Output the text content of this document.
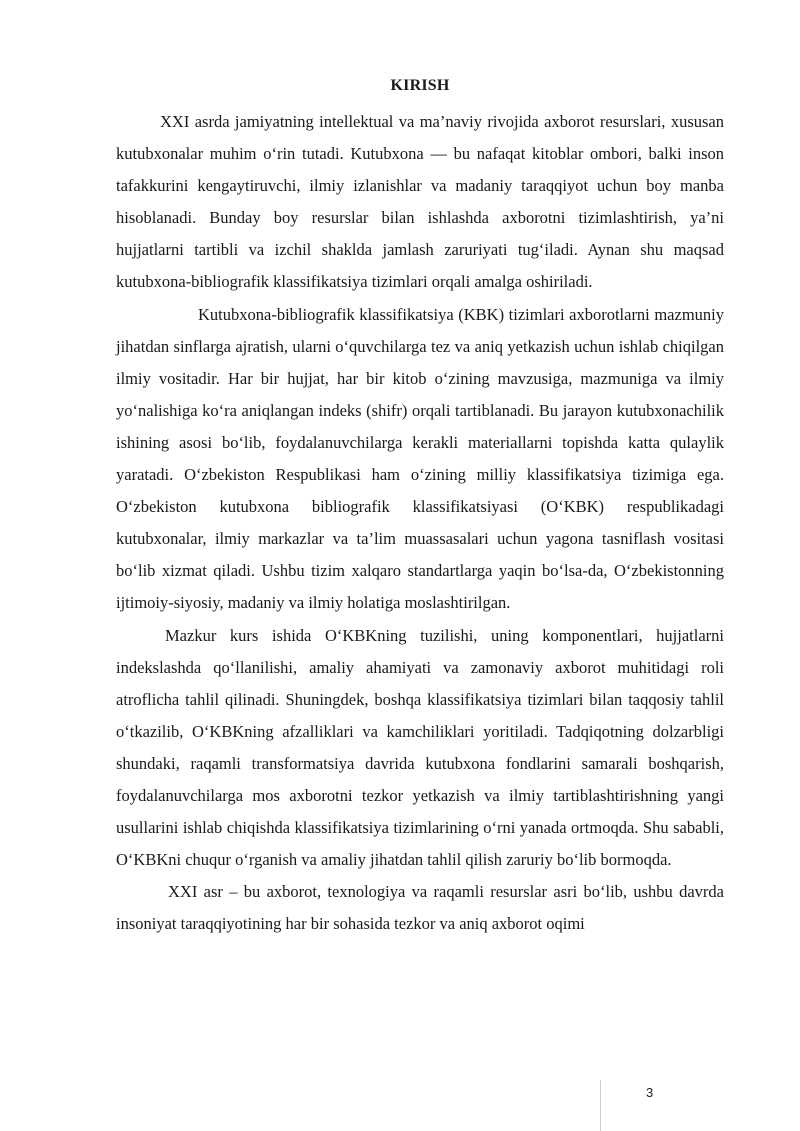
KIRISH

XXI asrda jamiyatning intellektual va ma’naviy rivojida axborot resurslari, xususan kutubxonalar muhim o‘rin tutadi. Kutubxona — bu nafaqat kitoblar ombori, balki inson tafakkurini kengaytiruvchi, ilmiy izlanishlar va madaniy taraqqiyot uchun boy manba hisoblanadi. Bunday boy resurslar bilan ishlashda axborotni tizimlashtirish, ya’ni hujjatlarni tartibli va izchil shaklda jamlash zaruriyati tug‘iladi. Aynan shu maqsad kutubxona-bibliografik klassifikatsiya tizimlari orqali amalga oshiriladi.

Kutubxona-bibliografik klassifikatsiya (KBK) tizimlari axborotlarni mazmuniy jihatdan sinflarga ajratish, ularni o‘quvchilarga tez va aniq yetkazish uchun ishlab chiqilgan ilmiy vositadir. Har bir hujjat, har bir kitob o‘zining mavzusiga, mazmuniga va ilmiy yo‘nalishiga ko‘ra aniqlangan indeks (shifr) orqali tartiblanadi. Bu jarayon kutubxonachilik ishining asosi bo‘lib, foydalanuvchilarga kerakli materiallarni topishda katta qulaylik yaratadi. O‘zbekiston Respublikasi ham o‘zining milliy klassifikatsiya tizimiga ega. O‘zbekiston kutubxona bibliografik klassifikatsiyasi (O‘KBK) respublikadagi kutubxonalar, ilmiy markazlar va ta’lim muassasalari uchun yagona tasniflash vositasi bo‘lib xizmat qiladi. Ushbu tizim xalqaro standartlarga yaqin bo‘lsa-da, O‘zbekistonning ijtimoiy-siyosiy, madaniy va ilmiy holatiga moslashtirilgan.

Mazkur kurs ishida O‘KBKning tuzilishi, uning komponentlari, hujjatlarni indekslashda qo‘llanilishi, amaliy ahamiyati va zamonaviy axborot muhitidagi roli atroflicha tahlil qilinadi. Shuningdek, boshqa klassifikatsiya tizimlari bilan taqqosiy tahlil o‘tkazilib, O‘KBKning afzalliklari va kamchiliklari yoritiladi. Tadqiqotning dolzarbligi shundaki, raqamli transformatsiya davrida kutubxona fondlarini samarali boshqarish, foydalanuvchilarga mos axborotni tezkor yetkazish va ilmiy tartiblashtirishning yangi usullarini ishlab chiqishda klassifikatsiya tizimlarining o‘rni yanada ortmoqda. Shu sababli, O‘KBKni chuqur o‘rganish va amaliy jihatdan tahlil qilish zaruriy bo‘lib bormoqda.

XXI asr – bu axborot, texnologiya va raqamli resurslar asri bo‘lib, ushbu davrda insoniyat taraqqiyotining har bir sohasida tezkor va aniq axborot oqimi

3
